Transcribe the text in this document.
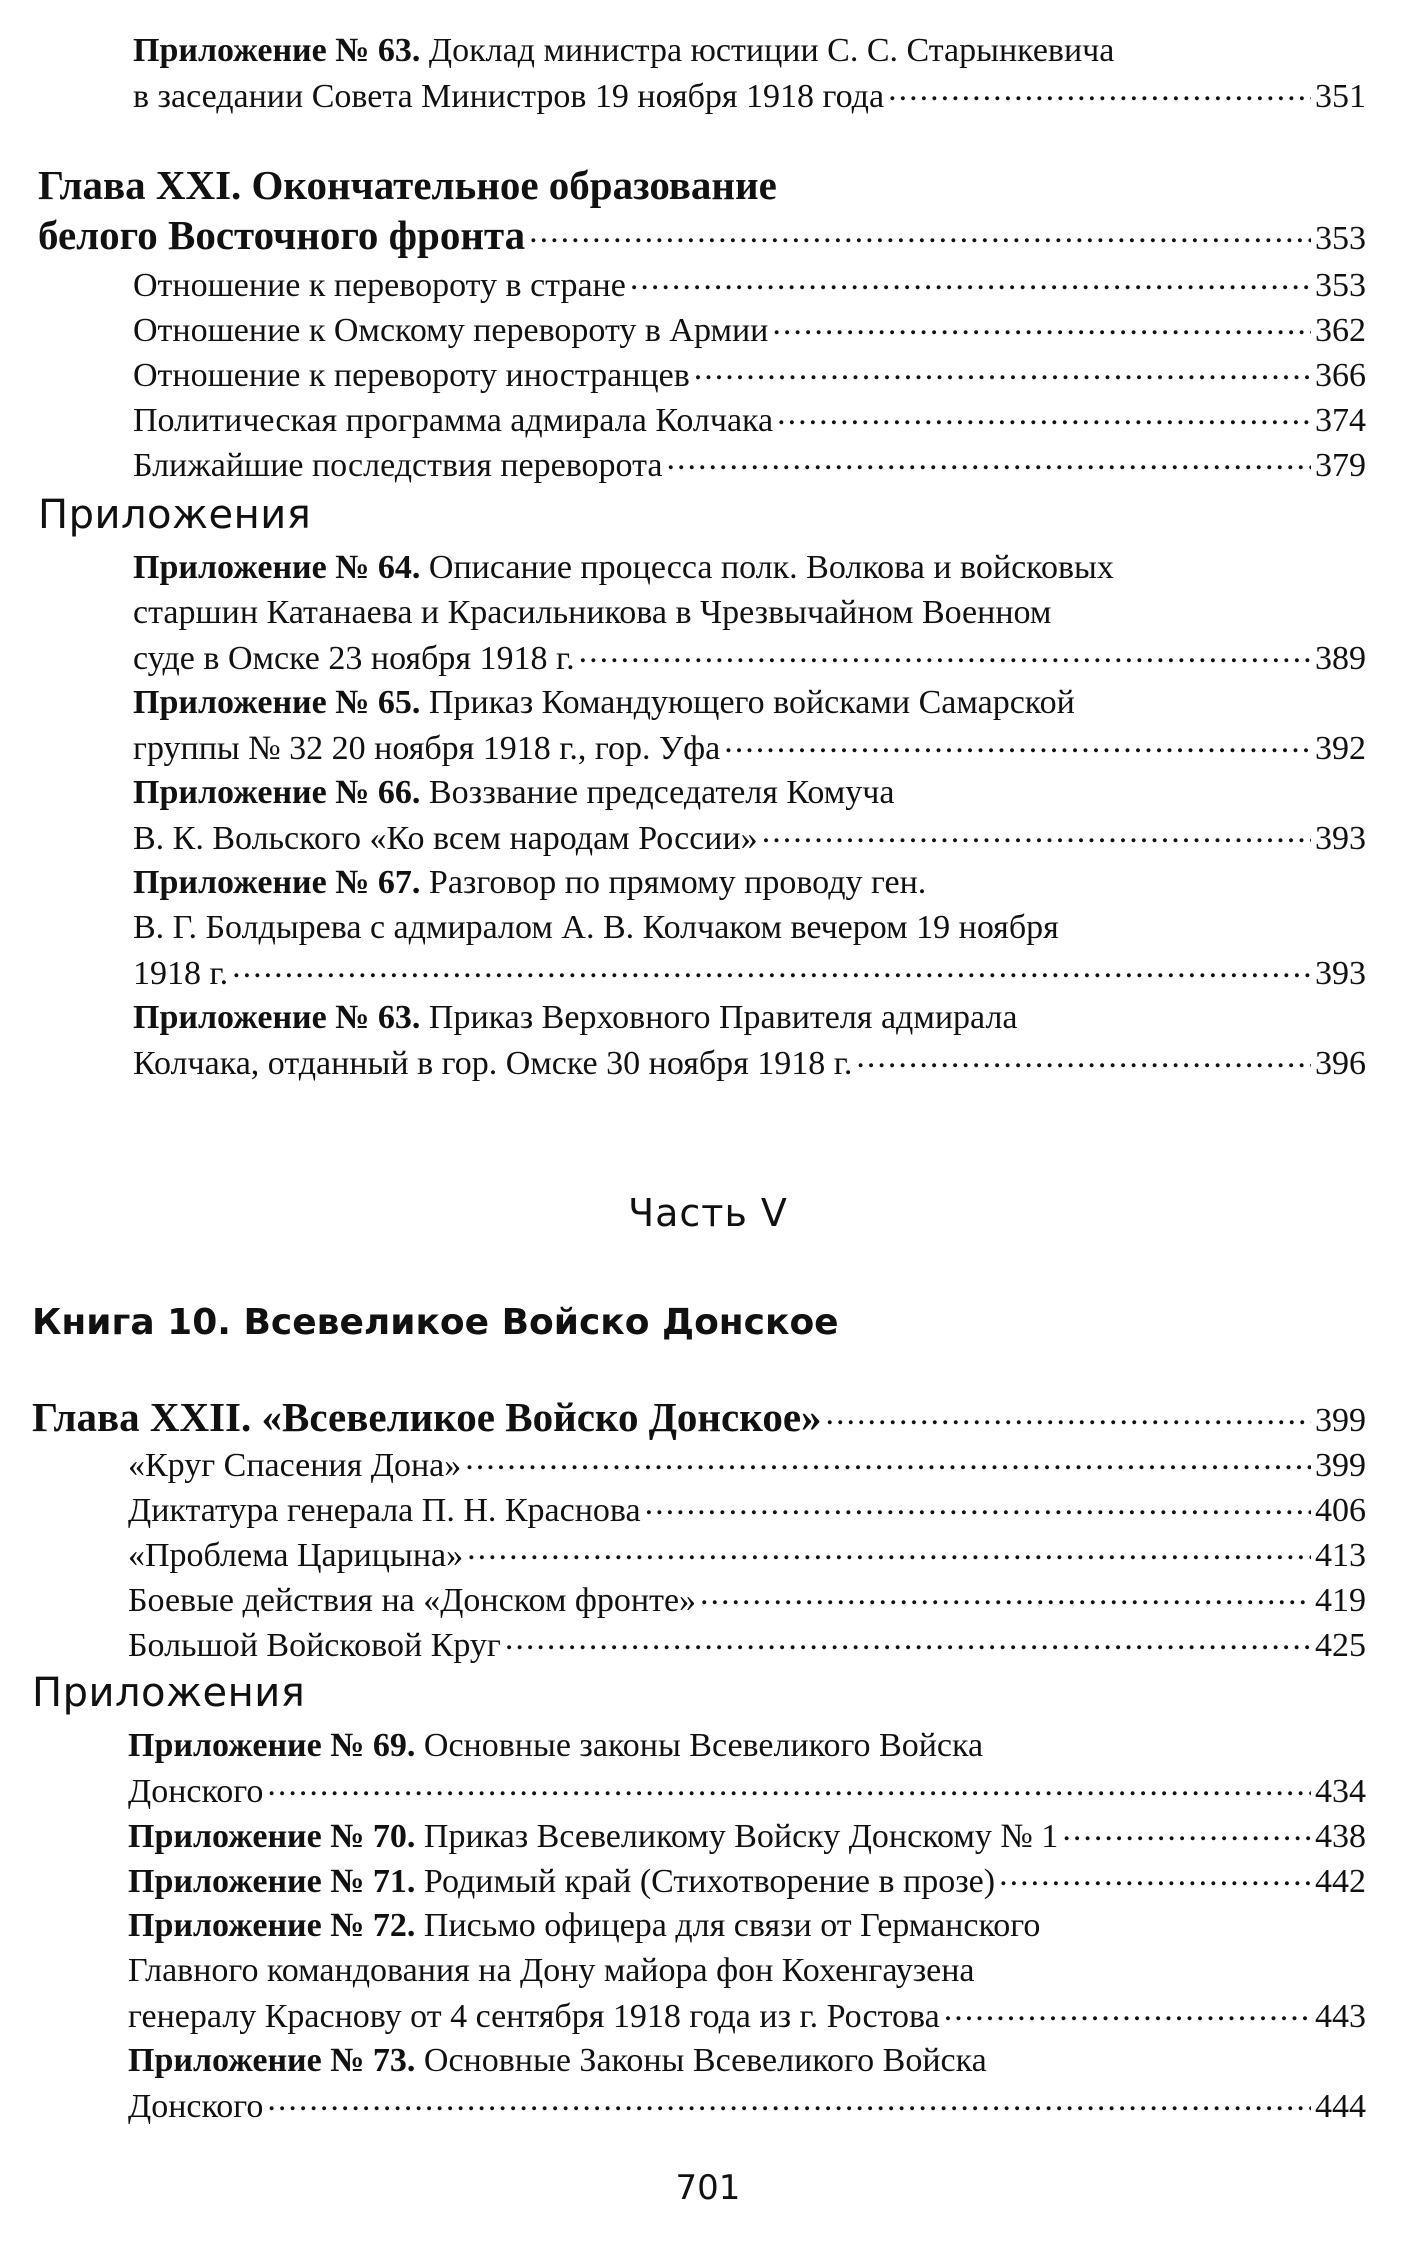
Приложение № 63. Доклад министра юстиции С. С. Старынкевича
в заседании Совета Министров 19 ноября 1918 года .....	351
Глава XXI. Окончательное образование
белого Восточного фронта .....	353
Отношение к перевороту в стране .....	353
Отношение к Омскому перевороту в Армии .....	362
Отношение к перевороту иностранцев .....	366
Политическая программа адмирала Колчака .....	374
Ближайшие последствия переворота .....	379
Приложения
Приложение № 64. Описание процесса полк. Волкова и войсковых
старшин Катанаева и Красильникова в Чрезвычайном Военном
суде в Омске 23 ноября 1918 г. .....	389
Приложение № 65. Приказ Командующего войсками Самарской
группы № 32 20 ноября 1918 г., гор. Уфа .....	392
Приложение № 66. Воззвание председателя Комуча
В. К. Вольского «Ко всем народам России» .....	393
Приложение № 67. Разговор по прямому проводу ген.
В. Г. Болдырева с адмиралом А. В. Колчаком вечером 19 ноября
1918 г. .....	393
Приложение № 63. Приказ Верховного Правителя адмирала
Колчака, отданный в гор. Омске 30 ноября 1918 г. .....	396
Часть V
Книга 10. Всевеликое Войско Донское
Глава XXII. «Всевеликое Войско Донское» .....	399
«Круг Спасения Дона» .....	399
Диктатура генерала П. Н. Краснова .....	406
«Проблема Царицына» .....	413
Боевые действия на «Донском фронте» .....	419
Большой Войсковой Круг .....	425
Приложения
Приложение № 69. Основные законы Всевеликого Войска
Донского .....	434
Приложение № 70. Приказ Всевеликому Войску Донскому № 1 .....	438
Приложение № 71. Родимый край (Стихотворение в прозе) .....	442
Приложение № 72. Письмо офицера для связи от Германского
Главного командования на Дону майора фон Кохенгаузена
генералу Краснову от 4 сентября 1918 года из г. Ростова .....	443
Приложение № 73. Основные Законы Всевеликого Войска
Донского .....	444
701
